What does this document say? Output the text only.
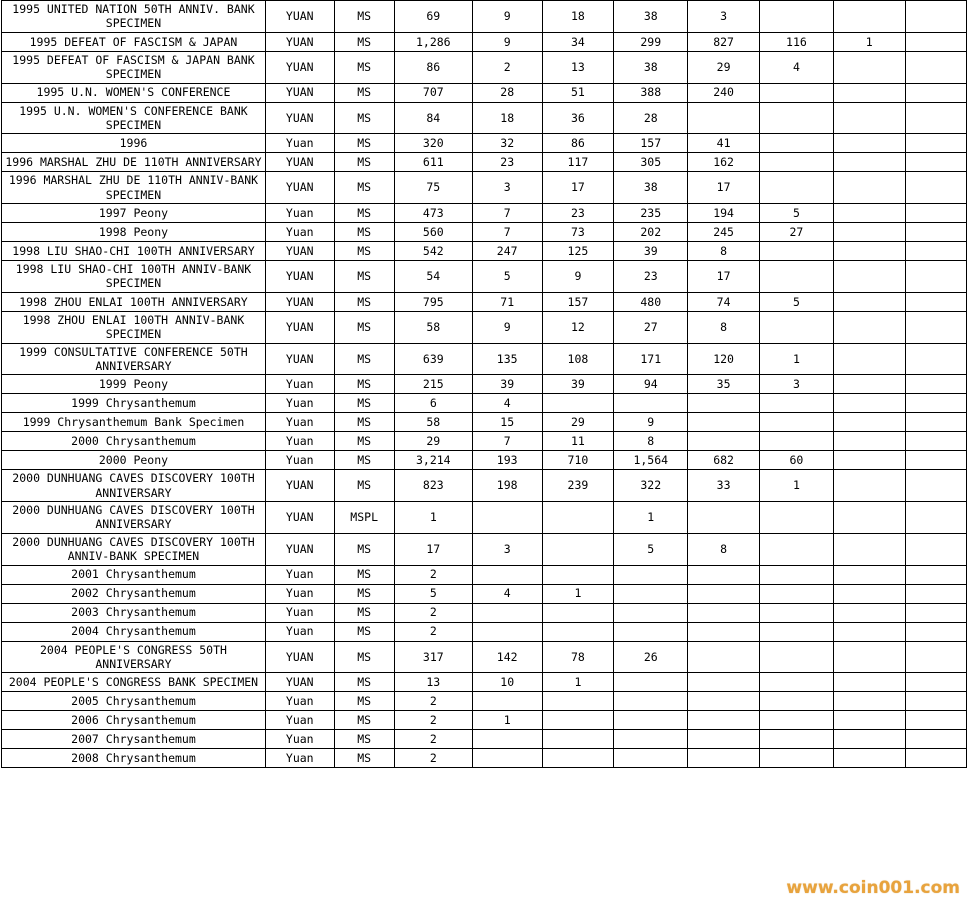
1995 UNITED NATION 50TH ANNIV. BANK SPECIMEN	YUAN	MS	69	9	18	38	3			
1995 DEFEAT OF FASCISM & JAPAN	YUAN	MS	1,286	9	34	299	827	116	1	
1995 DEFEAT OF FASCISM & JAPAN BANK SPECIMEN	YUAN	MS	86	2	13	38	29	4		
1995 U.N. WOMEN'S CONFERENCE	YUAN	MS	707	28	51	388	240			
1995 U.N. WOMEN'S CONFERENCE BANK SPECIMEN	YUAN	MS	84	18	36	28				
1996	Yuan	MS	320	32	86	157	41			
1996 MARSHAL ZHU DE 110TH ANNIVERSARY	YUAN	MS	611	23	117	305	162			
1996 MARSHAL ZHU DE 110TH ANNIV-BANK SPECIMEN	YUAN	MS	75	3	17	38	17			
1997 Peony	Yuan	MS	473	7	23	235	194	5		
1998 Peony	Yuan	MS	560	7	73	202	245	27		
1998 LIU SHAO-CHI 100TH ANNIVERSARY	YUAN	MS	542	247	125	39	8			
1998 LIU SHAO-CHI 100TH ANNIV-BANK SPECIMEN	YUAN	MS	54	5	9	23	17			
1998 ZHOU ENLAI 100TH ANNIVERSARY	YUAN	MS	795	71	157	480	74	5		
1998 ZHOU ENLAI 100TH ANNIV-BANK SPECIMEN	YUAN	MS	58	9	12	27	8			
1999 CONSULTATIVE CONFERENCE 50TH ANNIVERSARY	YUAN	MS	639	135	108	171	120	1		
1999 Peony	Yuan	MS	215	39	39	94	35	3		
1999 Chrysanthemum	Yuan	MS	6	4						
1999 Chrysanthemum Bank Specimen	Yuan	MS	58	15	29	9				
2000 Chrysanthemum	Yuan	MS	29	7	11	8				
2000 Peony	Yuan	MS	3,214	193	710	1,564	682	60		
2000 DUNHUANG CAVES DISCOVERY 100TH ANNIVERSARY	YUAN	MS	823	198	239	322	33	1		
2000 DUNHUANG CAVES DISCOVERY 100TH ANNIVERSARY	YUAN	MSPL	1			1				
2000 DUNHUANG CAVES DISCOVERY 100TH ANNIV-BANK SPECIMEN	YUAN	MS	17	3		5	8			
2001 Chrysanthemum	Yuan	MS	2							
2002 Chrysanthemum	Yuan	MS	5	4	1					
2003 Chrysanthemum	Yuan	MS	2							
2004 Chrysanthemum	Yuan	MS	2							
2004 PEOPLE'S CONGRESS 50TH ANNIVERSARY	YUAN	MS	317	142	78	26				
2004 PEOPLE'S CONGRESS BANK SPECIMEN	YUAN	MS	13	10	1					
2005 Chrysanthemum	Yuan	MS	2							
2006 Chrysanthemum	Yuan	MS	2	1						
2007 Chrysanthemum	Yuan	MS	2							
2008 Chrysanthemum	Yuan	MS	2							
www.coin001.com
